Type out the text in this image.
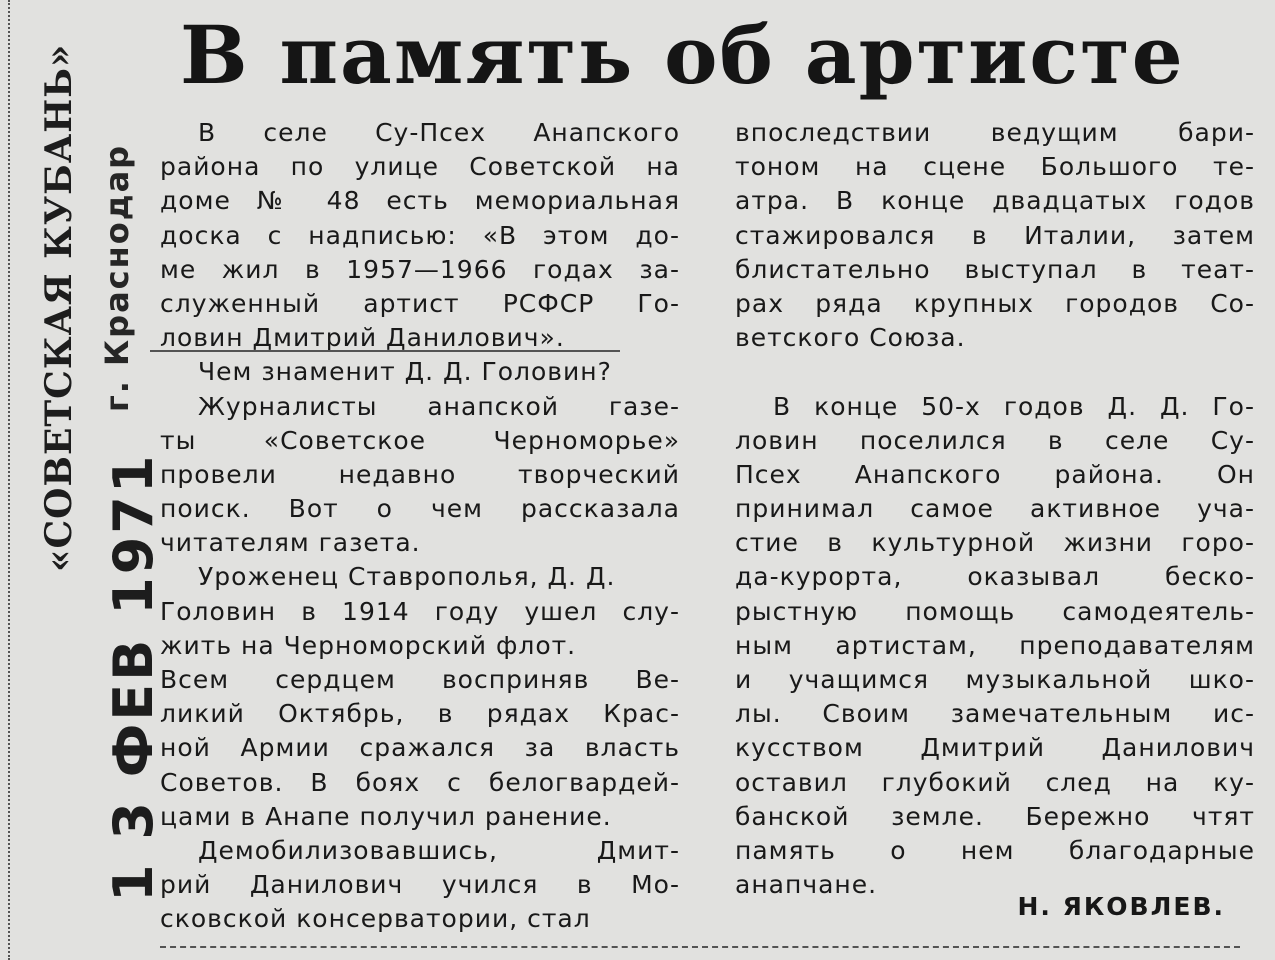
«СОВЕТСКАЯ КУБАНЬ» г. Краснодар
1 3 ФЕВ 1971
В память об артисте
В селе Су-Псех Анапского
района по улице Советской на
доме № 48 есть мемориальная
доска с надписью: «В этом до-
ме жил в 1957—1966 годах за-
служенный артист РСФСР Го-
ловин Дмитрий Данилович».
Чем знаменит Д. Д. Головин?
Журналисты анапской газе-
ты «Советское Черноморье»
провели недавно творческий
поиск. Вот о чем рассказала
читателям газета.
Уроженец Ставрополья, Д. Д.
Головин в 1914 году ушел слу-
жить на Черноморский флот.
Всем сердцем восприняв Ве-
ликий Октябрь, в рядах Крас-
ной Армии сражался за власть
Советов. В боях с белогвардей-
цами в Анапе получил ранение.
Демобилизовавшись, Дмит-
рий Данилович учился в Мо-
сковской консерватории, стал
впоследствии ведущим бари-
тоном на сцене Большого те-
атра. В конце двадцатых годов
стажировался в Италии, затем
блистательно выступал в теат-
рах ряда крупных городов Со-
ветского Союза.
В конце 50-х годов Д. Д. Го-
ловин поселился в селе Су-
Псех Анапского района. Он
принимал самое активное уча-
стие в культурной жизни горо-
да-курорта, оказывал беско-
рыстную помощь самодеятель-
ным артистам, преподавателям
и учащимся музыкальной шко-
лы. Своим замечательным ис-
кусством Дмитрий Данилович
оставил глубокий след на ку-
банской земле. Бережно чтят
память о нем благодарные
анапчане.
Н. ЯКОВЛЕВ.
